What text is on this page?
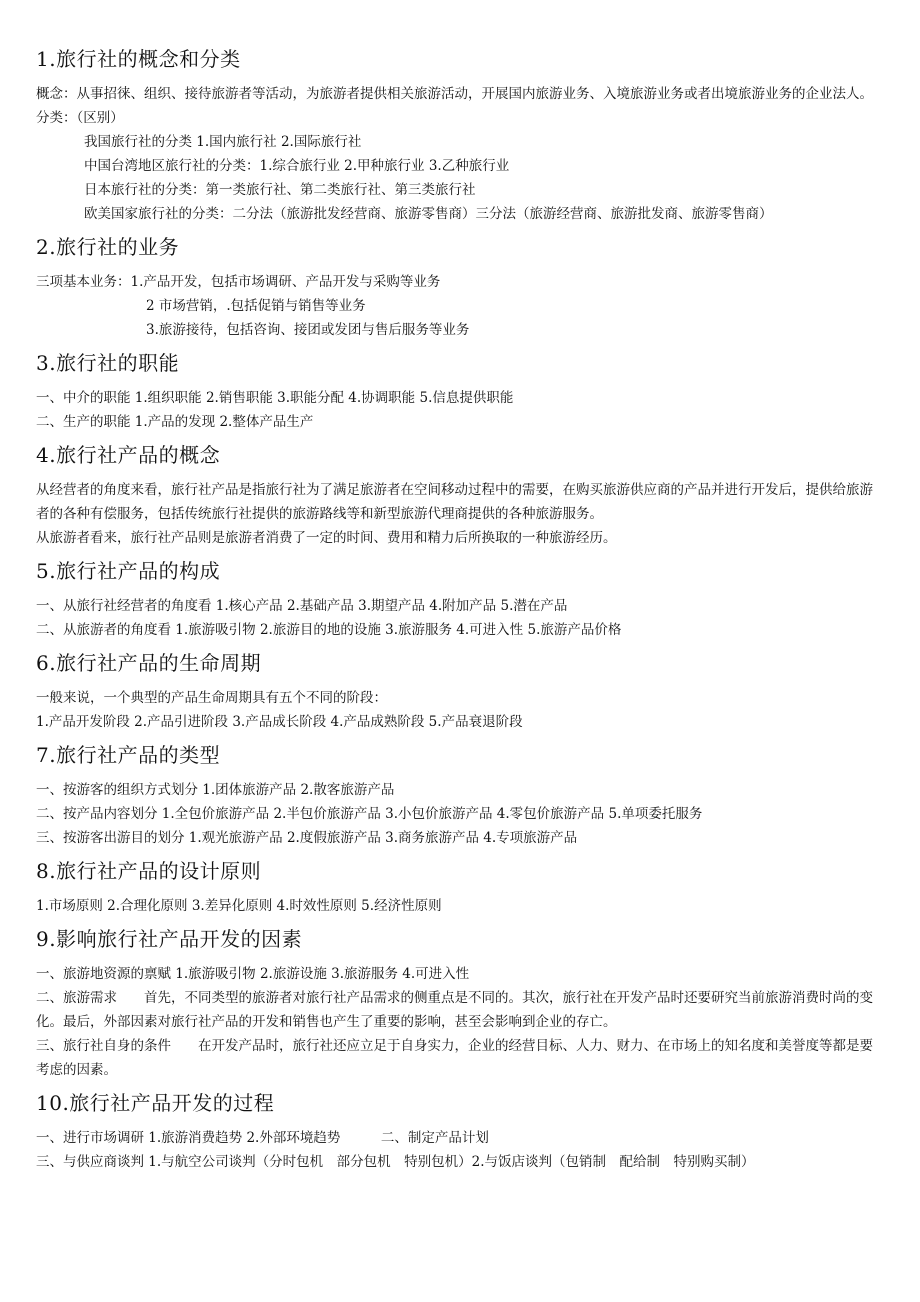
1.旅行社的概念和分类

概念：从事招徕、组织、接待旅游者等活动，为旅游者提供相关旅游活动，开展国内旅游业务、入境旅游业务或者出境旅游业务的企业法人。

分类：（区别）

我国旅行社的分类 1.国内旅行社 2.国际旅行社

中国台湾地区旅行社的分类：1.综合旅行业 2.甲种旅行业 3.乙种旅行业

日本旅行社的分类：第一类旅行社、第二类旅行社、第三类旅行社

欧美国家旅行社的分类：二分法（旅游批发经营商、旅游零售商）三分法（旅游经营商、旅游批发商、旅游零售商）

2.旅行社的业务

三项基本业务：1.产品开发，包括市场调研、产品开发与采购等业务

2 市场营销，.包括促销与销售等业务

3.旅游接待，包括咨询、接团或发团与售后服务等业务

3.旅行社的职能

一、中介的职能 1.组织职能 2.销售职能 3.职能分配 4.协调职能 5.信息提供职能

二、生产的职能 1.产品的发现 2.整体产品生产

4.旅行社产品的概念

从经营者的角度来看，旅行社产品是指旅行社为了满足旅游者在空间移动过程中的需要，在购买旅游供应商的产品并进行开发后，提供给旅游者的各种有偿服务，包括传统旅行社提供的旅游路线等和新型旅游代理商提供的各种旅游服务。

从旅游者看来，旅行社产品则是旅游者消费了一定的时间、费用和精力后所换取的一种旅游经历。

5.旅行社产品的构成

一、从旅行社经营者的角度看 1.核心产品 2.基础产品 3.期望产品 4.附加产品 5.潜在产品

二、从旅游者的角度看 1.旅游吸引物 2.旅游目的地的设施 3.旅游服务 4.可进入性 5.旅游产品价格

6.旅行社产品的生命周期

一般来说，一个典型的产品生命周期具有五个不同的阶段：

1.产品开发阶段 2.产品引进阶段 3.产品成长阶段 4.产品成熟阶段 5.产品衰退阶段

7.旅行社产品的类型

一、按游客的组织方式划分 1.团体旅游产品 2.散客旅游产品

二、按产品内容划分 1.全包价旅游产品 2.半包价旅游产品 3.小包价旅游产品 4.零包价旅游产品 5.单项委托服务

三、按游客出游目的划分 1.观光旅游产品 2.度假旅游产品 3.商务旅游产品 4.专项旅游产品

8.旅行社产品的设计原则

1.市场原则 2.合理化原则 3.差异化原则 4.时效性原则 5.经济性原则

9.影响旅行社产品开发的因素

一、旅游地资源的禀赋 1.旅游吸引物 2.旅游设施 3.旅游服务 4.可进入性

二、旅游需求　　首先，不同类型的旅游者对旅行社产品需求的侧重点是不同的。其次，旅行社在开发产品时还要研究当前旅游消费时尚的变化。最后，外部因素对旅行社产品的开发和销售也产生了重要的影响，甚至会影响到企业的存亡。

三、旅行社自身的条件　　在开发产品时，旅行社还应立足于自身实力，企业的经营目标、人力、财力、在市场上的知名度和美誉度等都是要考虑的因素。

10.旅行社产品开发的过程

一、进行市场调研 1.旅游消费趋势 2.外部环境趋势　　　二、制定产品计划

三、与供应商谈判 1.与航空公司谈判（分时包机　部分包机　特别包机）2.与饭店谈判（包销制　配给制　特别购买制）
